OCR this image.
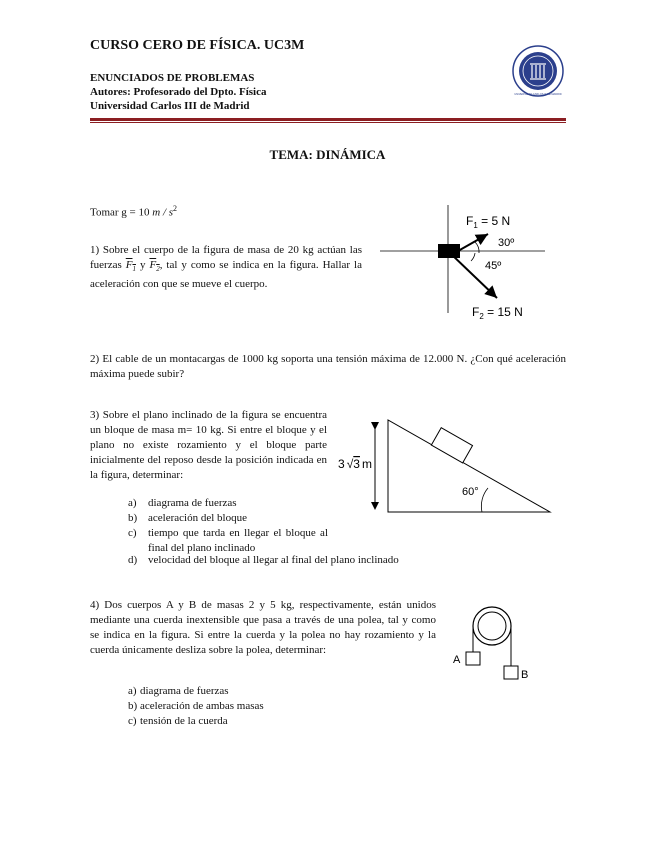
CURSO CERO DE FÍSICA. UC3M
ENUNCIADOS DE PROBLEMAS
Autores: Profesorado del Dpto. Física
Universidad Carlos III de Madrid
UNIVERSIDAD CARLOS III DE MADRID
TEMA: DINÁMICA
Tomar g = 10 m / $s^2$
1) Sobre el cuerpo de la figura de masa de 20 kg actúan las fuerzas $F_1$ y $F_2$, tal y como se indica en la figura. Hallar la aceleración con que se mueve el cuerpo.
$F_1 = 5$ N
30º
45º
$F_2 = 15$ N
2) El cable de un montacargas de 1000 kg soporta una tensión máxima de 12.000 N. ¿Con qué aceleración máxima puede subir?
3) Sobre el plano inclinado de la figura se encuentra un bloque de masa m= 10 kg. Si entre el bloque y el plano no existe rozamiento y el bloque parte inicialmente del reposo desde la posición indicada en la figura, determinar:
a) diagrama de fuerzas
b) aceleración del bloque
c) tiempo que tarda en llegar el bloque al final del plano inclinado
d) velocidad del bloque al llegar al final del plano inclinado
3 √3 m
60°
4) Dos cuerpos A y B de masas 2 y 5 kg, respectivamente, están unidos mediante una cuerda inextensible que pasa a través de una polea, tal y como se indica en la figura. Si entre la cuerda y la polea no hay rozamiento y la cuerda únicamente desliza sobre la polea, determinar:
a) diagrama de fuerzas
b) aceleración de ambas masas
c) tensión de la cuerda
A
B
